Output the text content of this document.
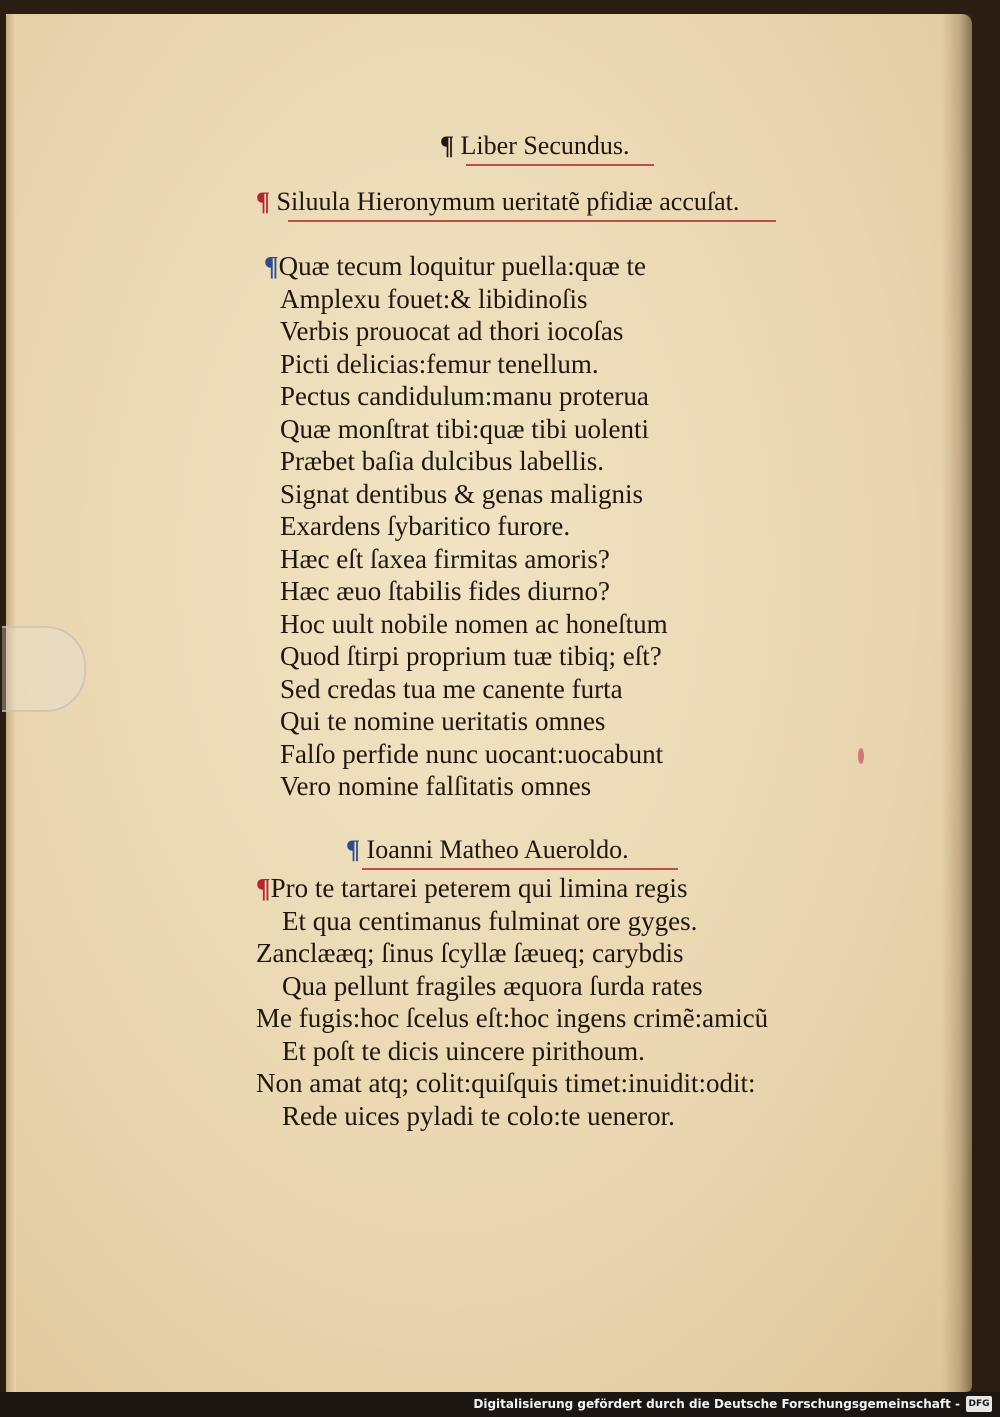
¶ Liber Secundus.
¶ Siluula Hieronymum ueritatẽ pfidiæ accuſat.
¶Quæ tecum loquitur puella:quæ te
Amplexu fouet:& libidinoſis
Verbis prouocat ad thori iocoſas
Picti delicias:femur tenellum.
Pectus candidulum:manu proterua
Quæ monſtrat tibi:quæ tibi uolenti
Præbet baſia dulcibus labellis.
Signat dentibus & genas malignis
Exardens ſybaritico furore.
Hæc eſt ſaxea firmitas amoris?
Hæc æuo ſtabilis fides diurno?
Hoc uult nobile nomen ac honeſtum
Quod ſtirpi proprium tuæ tibiq; eſt?
Sed credas tua me canente furta
Qui te nomine ueritatis omnes
Falſo perfide nunc uocant:uocabunt
Vero nomine falſitatis omnes
¶ Ioanni Matheo Aueroldo.
¶Pro te tartarei peterem qui limina regis
Et qua centimanus fulminat ore gyges.
Zanclææq; ſinus ſcyllæ ſæueq; carybdis
Qua pellunt fragiles æquora ſurda rates
Me fugis:hoc ſcelus eſt:hoc ingens crimẽ:amicũ
Et poſt te dicis uincere pirithoum.
Non amat atq; colit:quiſquis timet:inuidit:odit:
Rede uices pyladi te colo:te ueneror.
Digitalisierung gefördert durch die Deutsche Forschungsgemeinschaft - DFG
